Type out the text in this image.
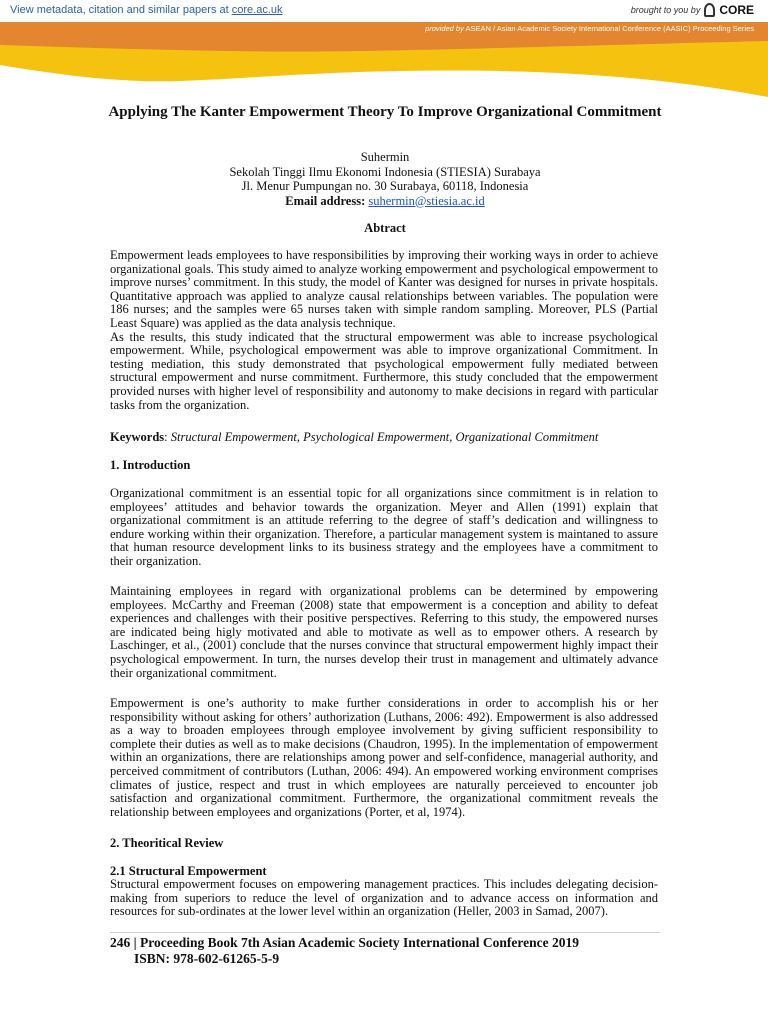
View metadata, citation and similar papers at core.ac.uk	brought to you by CORE
provided by ASEAN / Asian Academic Society International Conference (AASIC) Proceeding Series
Applying The Kanter Empowerment Theory To Improve Organizational Commitment
Suhermin
Sekolah Tinggi Ilmu Ekonomi Indonesia (STIESIA) Surabaya
Jl. Menur Pumpungan no. 30 Surabaya, 60118, Indonesia
Email address: suhermin@stiesia.ac.id
Abtract

Empowerment leads employees to have responsibilities by improving their working ways in order to achieve organizational goals. This study aimed to analyze working empowerment and psychological empowerment to improve nurses’ commitment. In this study, the model of Kanter was designed for nurses in private hospitals. Quantitative approach was applied to analyze causal relationships between variables. The population were 186 nurses; and the samples were 65 nurses taken with simple random sampling. Moreover, PLS (Partial Least Square) was applied as the data analysis technique.

As the results, this study indicated that the structural empowerment was able to increase psychological empowerment. While, psychological empowerment was able to improve organizational Commitment. In testing mediation, this study demonstrated that psychological empowerment fully mediated between structural empowerment and nurse commitment. Furthermore, this study concluded that the empowerment provided nurses with higher level of responsibility and autonomy to make decisions in regard with particular tasks from the organization.

Keywords: Structural Empowerment, Psychological Empowerment, Organizational Commitment
1. Introduction
Organizational commitment is an essential topic for all organizations since commitment is in relation to employees’ attitudes and behavior towards the organization. Meyer and Allen (1991) explain that organizational commitment is an attitude referring to the degree of staff’s dedication and willingness to endure working within their organization. Therefore, a particular management system is maintaned to assure that human resource development links to its business strategy and the employees have a commitment to their organization.
Maintaining employees in regard with organizational problems can be determined by empowering employees. McCarthy and Freeman (2008) state that empowerment is a conception and ability to defeat experiences and challenges with their positive perspectives. Referring to this study, the empowered nurses are indicated being higly motivated and able to motivate as well as to empower others. A research by Laschinger, et al., (2001) conclude that the nurses convince that structural empowerment highly impact their psychological empowerment. In turn, the nurses develop their trust in management and ultimately advance their organizational commitment.
Empowerment is one’s authority to make further considerations in order to accomplish his or her responsibility without asking for others’ authorization (Luthans, 2006: 492). Empowerment is also addressed as a way to broaden employees through employee involvement by giving sufficient responsibility to complete their duties as well as to make decisions (Chaudron, 1995). In the implementation of empowerment within an organizations, there are relationships among power and self-confidence, managerial authority, and perceived commitment of contributors (Luthan, 2006: 494). An empowered working environment comprises climates of justice, respect and trust in which employees are naturally perceieved to encounter job satisfaction and organizational commitment. Furthermore, the organizational commitment reveals the relationship between employees and organizations (Porter, et al, 1974).
2. Theoritical Review
2.1 Structural Empowerment
Structural empowerment focuses on empowering management practices. This includes delegating decision-making from superiors to reduce the level of organization and to advance access on information and resources for sub-ordinates at the lower level within an organization (Heller, 2003 in Samad, 2007).
246 | Proceeding Book 7th Asian Academic Society International Conference 2019
ISBN: 978-602-61265-5-9
